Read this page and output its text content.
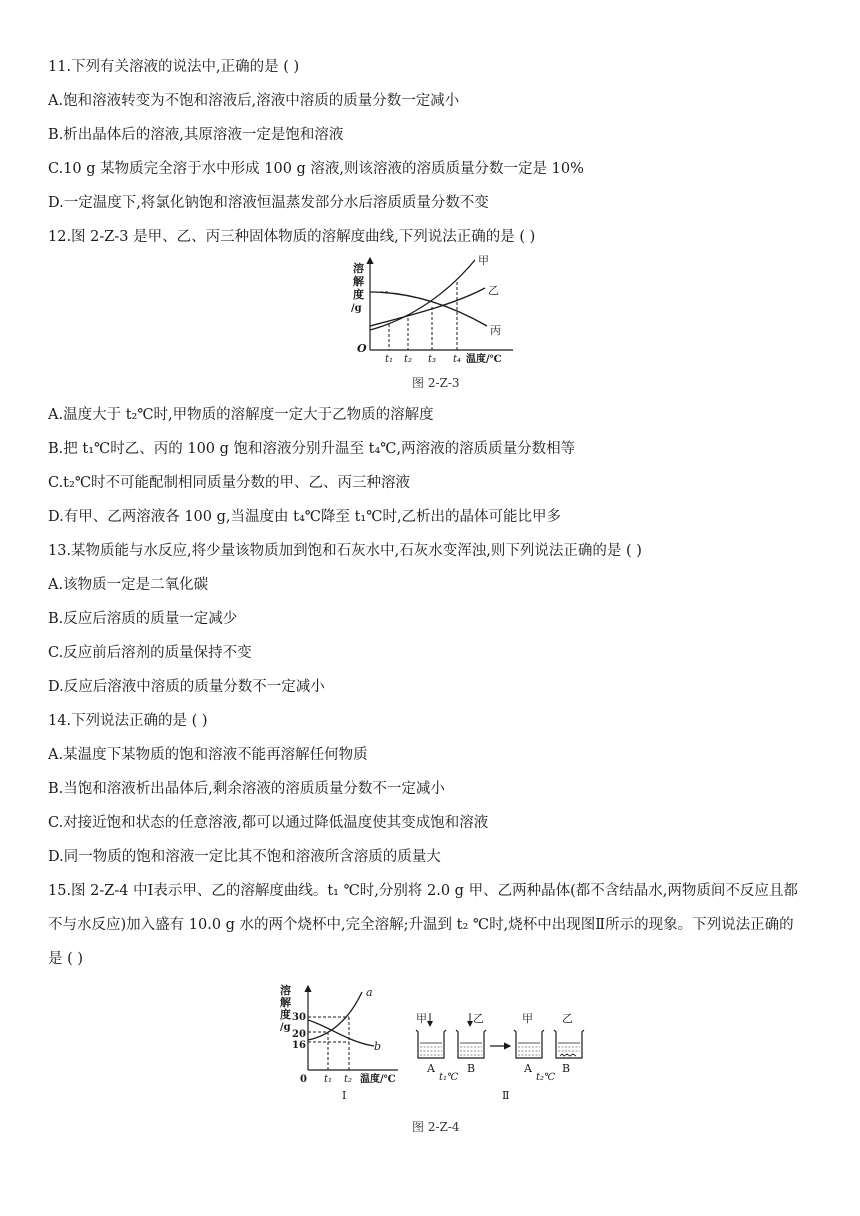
11.下列有关溶液的说法中,正确的是 ( )
A.饱和溶液转变为不饱和溶液后,溶液中溶质的质量分数一定减小
B.析出晶体后的溶液,其原溶液一定是饱和溶液
C.10 g 某物质完全溶于水中形成 100 g 溶液,则该溶液的溶质质量分数一定是 10%
D.一定温度下,将氯化钠饱和溶液恒温蒸发部分水后溶质质量分数不变
12.图 2-Z-3 是甲、乙、丙三种固体物质的溶解度曲线,下列说法正确的是 ( )
溶
解
度
/g
O
甲
乙
丙
t₁ t₂ t₃ t₄ 温度/℃
图 2-Z-3
A.温度大于 t₂℃时,甲物质的溶解度一定大于乙物质的溶解度
B.把 t₁℃时乙、丙的 100 g 饱和溶液分别升温至 t₄℃,两溶液的溶质质量分数相等
C.t₂℃时不可能配制相同质量分数的甲、乙、丙三种溶液
D.有甲、乙两溶液各 100 g,当温度由 t₄℃降至 t₁℃时,乙析出的晶体可能比甲多
13.某物质能与水反应,将少量该物质加到饱和石灰水中,石灰水变浑浊,则下列说法正确的是 ( )
A.该物质一定是二氧化碳
B.反应后溶质的质量一定减少
C.反应前后溶剂的质量保持不变
D.反应后溶液中溶质的质量分数不一定减小
14.下列说法正确的是 ( )
A.某温度下某物质的饱和溶液不能再溶解任何物质
B.当饱和溶液析出晶体后,剩余溶液的溶质质量分数不一定减小
C.对接近饱和状态的任意溶液,都可以通过降低温度使其变成饱和溶液
D.同一物质的饱和溶液一定比其不饱和溶液所含溶质的质量大
15.图 2-Z-4 中Ⅰ表示甲、乙的溶解度曲线。t₁ ℃时,分别将 2.0 g 甲、乙两种晶体(都不含结晶水,两物质间不反应且都
不与水反应)加入盛有 10.0 g 水的两个烧杯中,完全溶解;升温到 t₂ ℃时,烧杯中出现图Ⅱ所示的现象。下列说法正确的
是 ( )
溶
解
度
/g
30
20
16
a
b
0 t₁ t₂ 温度/℃
Ⅰ
甲	乙	甲	乙
A	B
t₁℃
A	B
t₂℃
Ⅱ
图 2-Z-4
